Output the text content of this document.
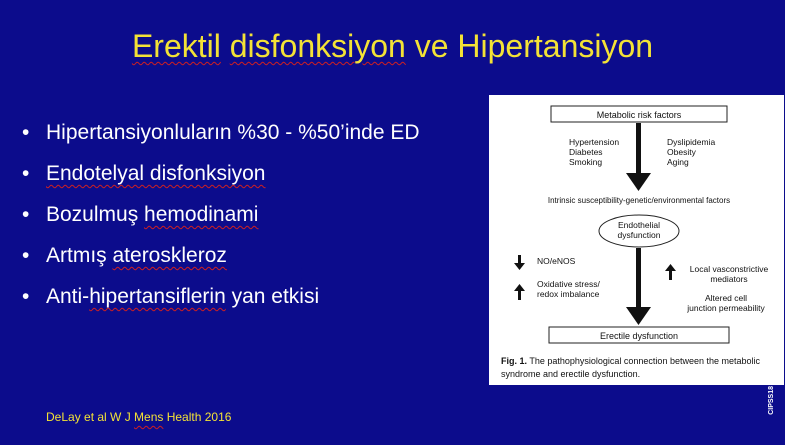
Erektil disfonksiyon ve Hipertansiyon
• Hipertansiyonluların %30 - %50’inde ED
• Endotelyal disfonksiyon
• Bozulmuş hemodinami
• Artmış ateroskleroz
• Anti-hipertansiflerin yan etkisi
DeLay et al W J Mens Health 2016
Metabolic risk factors
Hypertension
Diabetes
Smoking
Dyslipidemia
Obesity
Aging
Intrinsic susceptibility-genetic/environmental factors
Endothelial
dysfunction
NO/eNOS
Oxidative stress/
redox imbalance
Local vasconstrictive
mediators
Altered cell
junction permeability
Erectile dysfunction
Fig. 1. The pathophysiological connection between the metabolic
syndrome and erectile dysfunction.
CIPSS18
